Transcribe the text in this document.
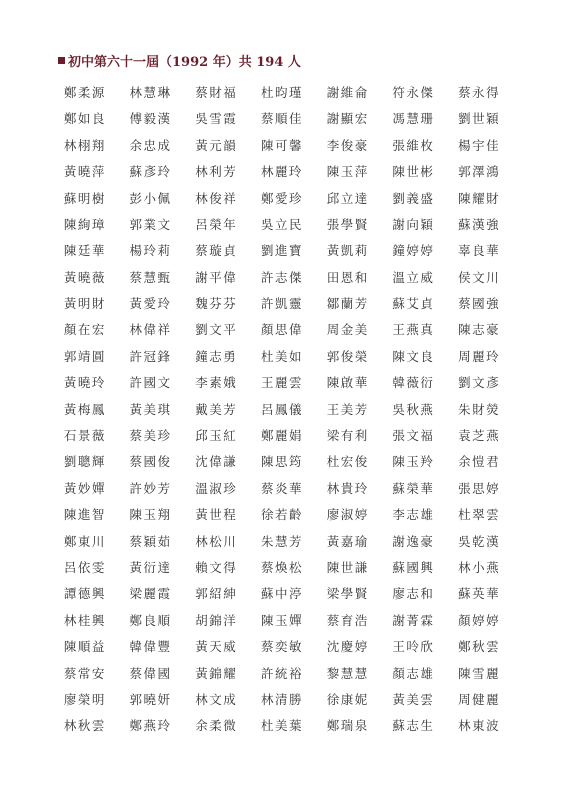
初中第六十一屆（1992 年）共 194 人
鄭柔源	林慧琳	蔡財福	杜昀瑾	謝維侖	符永傑	蔡永得
鄭如良	傅毅漢	吳雪霞	蔡順佳	謝顯宏	馮慧珊	劉世穎
林栩翔	余忠成	黃元韻	陳可馨	李俊豪	張維枚	楊宇佳
黃曉萍	蘇彥玲	林利芳	林麗玲	陳玉萍	陳世彬	郭澤鴻
蘇明樹	彭小佩	林俊祥	鄭愛珍	邱立達	劉義盛	陳耀財
陳絢璋	郭業文	呂榮年	吳立民	張學賢	謝向穎	蘇漢強
陳廷華	楊玲莉	蔡璇貞	劉進寶	黃凱莉	鐘婷婷	辜良華
黃曉薇	蔡慧甄	謝平偉	許志傑	田恩和	溫立威	侯文川
黃明財	黃愛玲	魏芬芬	許凱靈	鄒蘭芳	蘇艾貞	蔡國強
顏在宏	林偉祥	劉文平	顏思偉	周金美	王燕真	陳志豪
郭靖圓	許冠鋒	鐘志勇	杜美如	郭俊榮	陳文良	周麗玲
黃曉玲	許國文	李素娥	王麗雲	陳啟華	韓薇衍	劉文彥
黃梅鳳	黃美琪	戴美芳	呂鳳儀	王美芳	吳秋燕	朱財熒
石景薇	蔡美珍	邱玉紅	鄭麗娟	梁有利	張文福	袁芝燕
劉聰輝	蔡國俊	沈偉謙	陳思筠	杜宏俊	陳玉羚	余愷君
黃妙嬋	許妙芳	溫淑珍	蔡炎華	林貴玲	蘇榮華	張思婷
陳進智	陳玉翔	黃世程	徐若齡	廖淑婷	李志雄	杜翠雲
鄭東川	蔡穎茹	林松川	朱慧芳	黃嘉瑜	謝逸豪	吳乾漢
呂依雯	黃衍達	賴文得	蔡煥松	陳世謙	蘇國興	林小燕
譚德興	梁麗霞	郭紹紳	蘇中渟	梁學賢	廖志和	蘇英華
林桂興	鄭良順	胡錦洋	陳玉嬋	蔡育浩	謝菁霖	顏婷婷
陳順益	韓偉豐	黃天威	蔡奕敏	沈慶婷	王呤欣	鄭秋雲
蔡常安	蔡偉國	黃錦耀	許統裕	黎慧慧	顏志雄	陳雪麗
廖榮明	郭曉妍	林文成	林清勝	徐康妮	黃美雲	周健麗
林秋雲	鄭燕玲	余柔微	杜美葉	鄭瑞泉	蘇志生	林東波
